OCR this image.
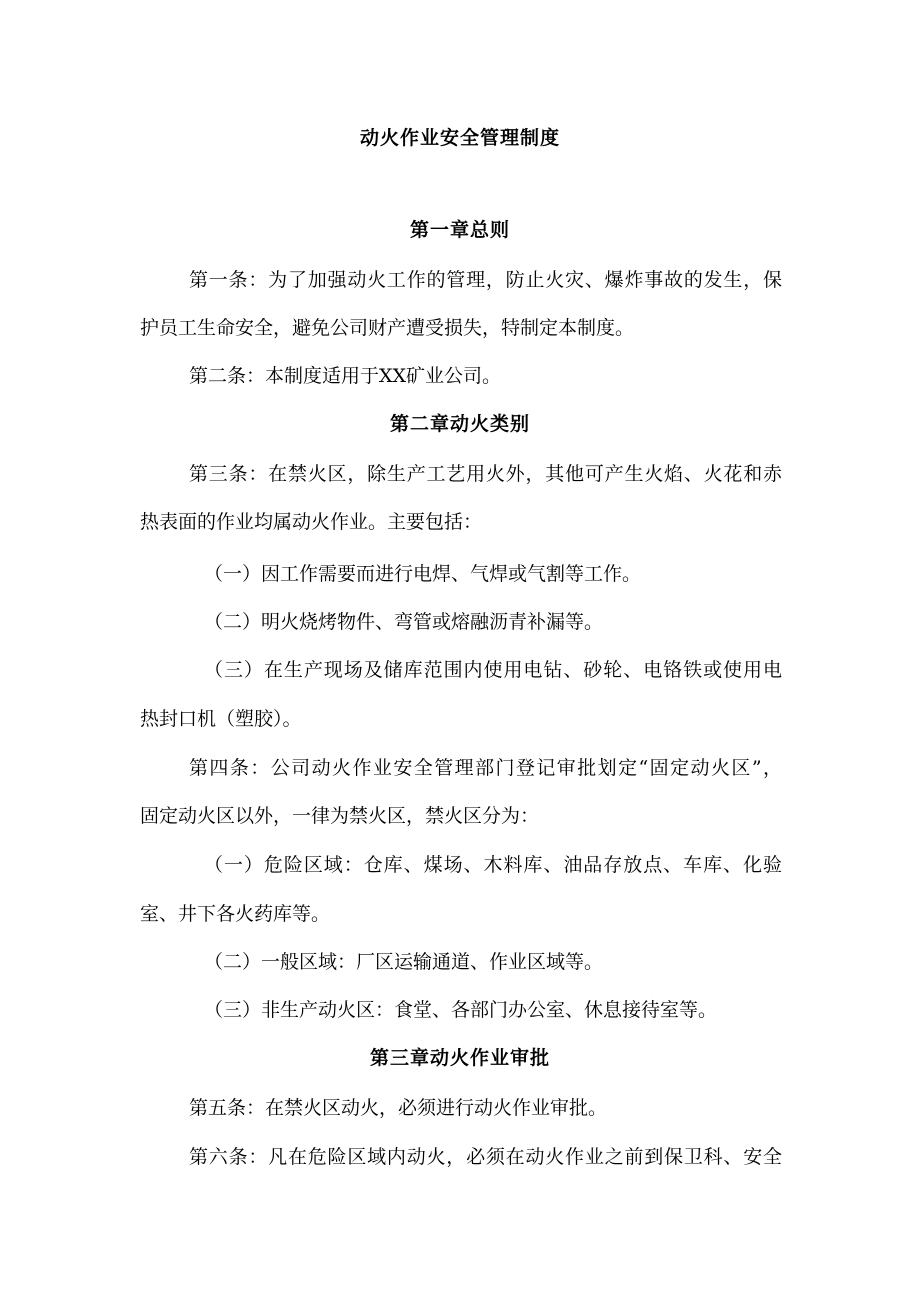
动火作业安全管理制度
第一章总则
第一条：为了加强动火工作的管理，防止火灾、爆炸事故的发生，保
护员工生命安全，避免公司财产遭受损失，特制定本制度。
第二条：本制度适用于XX矿业公司。
第二章动火类别
第三条：在禁火区，除生产工艺用火外，其他可产生火焰、火花和赤
热表面的作业均属动火作业。主要包括：
（一）因工作需要而进行电焊、气焊或气割等工作。
（二）明火烧烤物件、弯管或熔融沥青补漏等。
（三）在生产现场及储库范围内使用电钻、砂轮、电铬铁或使用电
热封口机（塑胶）。
第四条：公司动火作业安全管理部门登记审批划定“固定动火区”，
固定动火区以外，一律为禁火区，禁火区分为：
（一）危险区域：仓库、煤场、木料库、油品存放点、车库、化验
室、井下各火药库等。
（二）一般区域：厂区运输通道、作业区域等。
（三）非生产动火区：食堂、各部门办公室、休息接待室等。
第三章动火作业审批
第五条：在禁火区动火，必须进行动火作业审批。
第六条：凡在危险区域内动火，必须在动火作业之前到保卫科、安全
